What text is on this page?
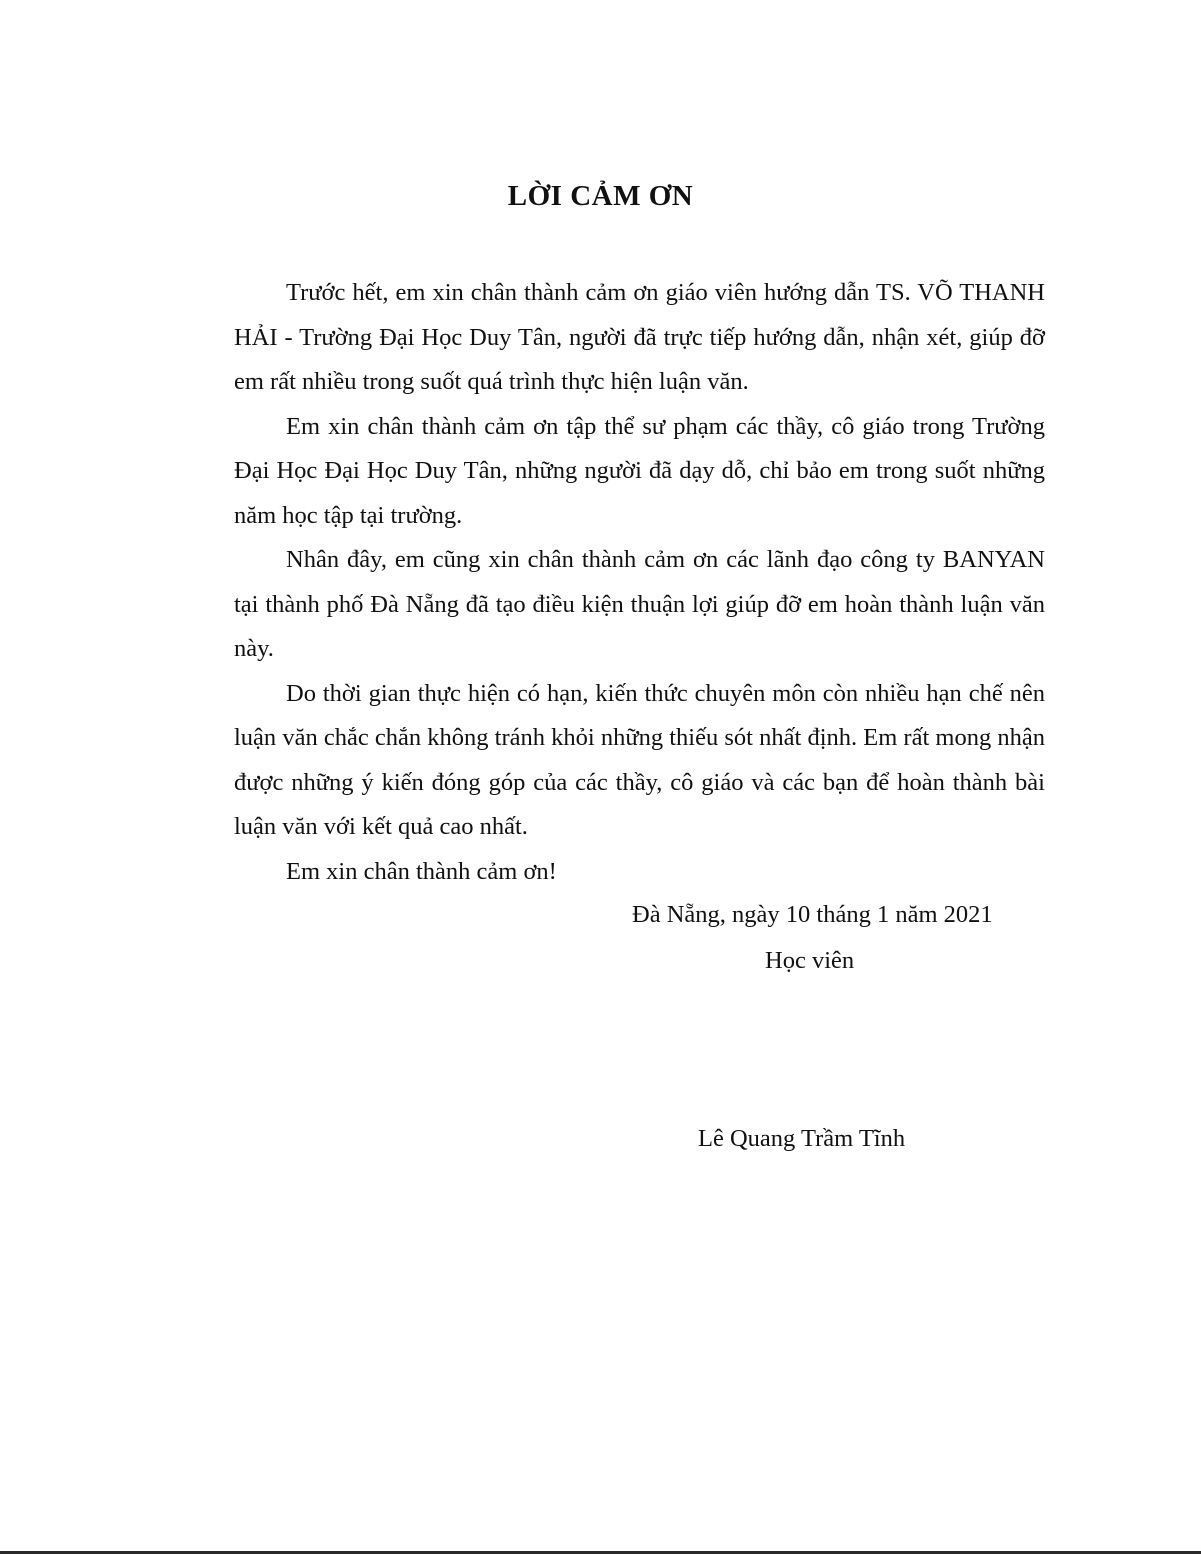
LỜI CẢM ƠN

Trước hết, em xin chân thành cảm ơn giáo viên hướng dẫn TS. VÕ THANH HẢI - Trường Đại Học Duy Tân, người đã trực tiếp hướng dẫn, nhận xét, giúp đỡ em rất nhiều trong suốt quá trình thực hiện luận văn.

Em xin chân thành cảm ơn tập thể sư phạm các thầy, cô giáo trong Trường Đại Học Đại Học Duy Tân, những người đã dạy dỗ, chỉ bảo em trong suốt những năm học tập tại trường.

Nhân đây, em cũng xin chân thành cảm ơn các lãnh đạo công ty BANYAN tại thành phố Đà Nẵng đã tạo điều kiện thuận lợi giúp đỡ em hoàn thành luận văn này.

Do thời gian thực hiện có hạn, kiến thức chuyên môn còn nhiều hạn chế nên luận văn chắc chắn không tránh khỏi những thiếu sót nhất định. Em rất mong nhận được những ý kiến đóng góp của các thầy, cô giáo và các bạn để hoàn thành bài luận văn với kết quả cao nhất.

Em xin chân thành cảm ơn!

Đà Nẵng, ngày 10 tháng 1 năm 2021
Học viên
Lê Quang Trầm Tĩnh
